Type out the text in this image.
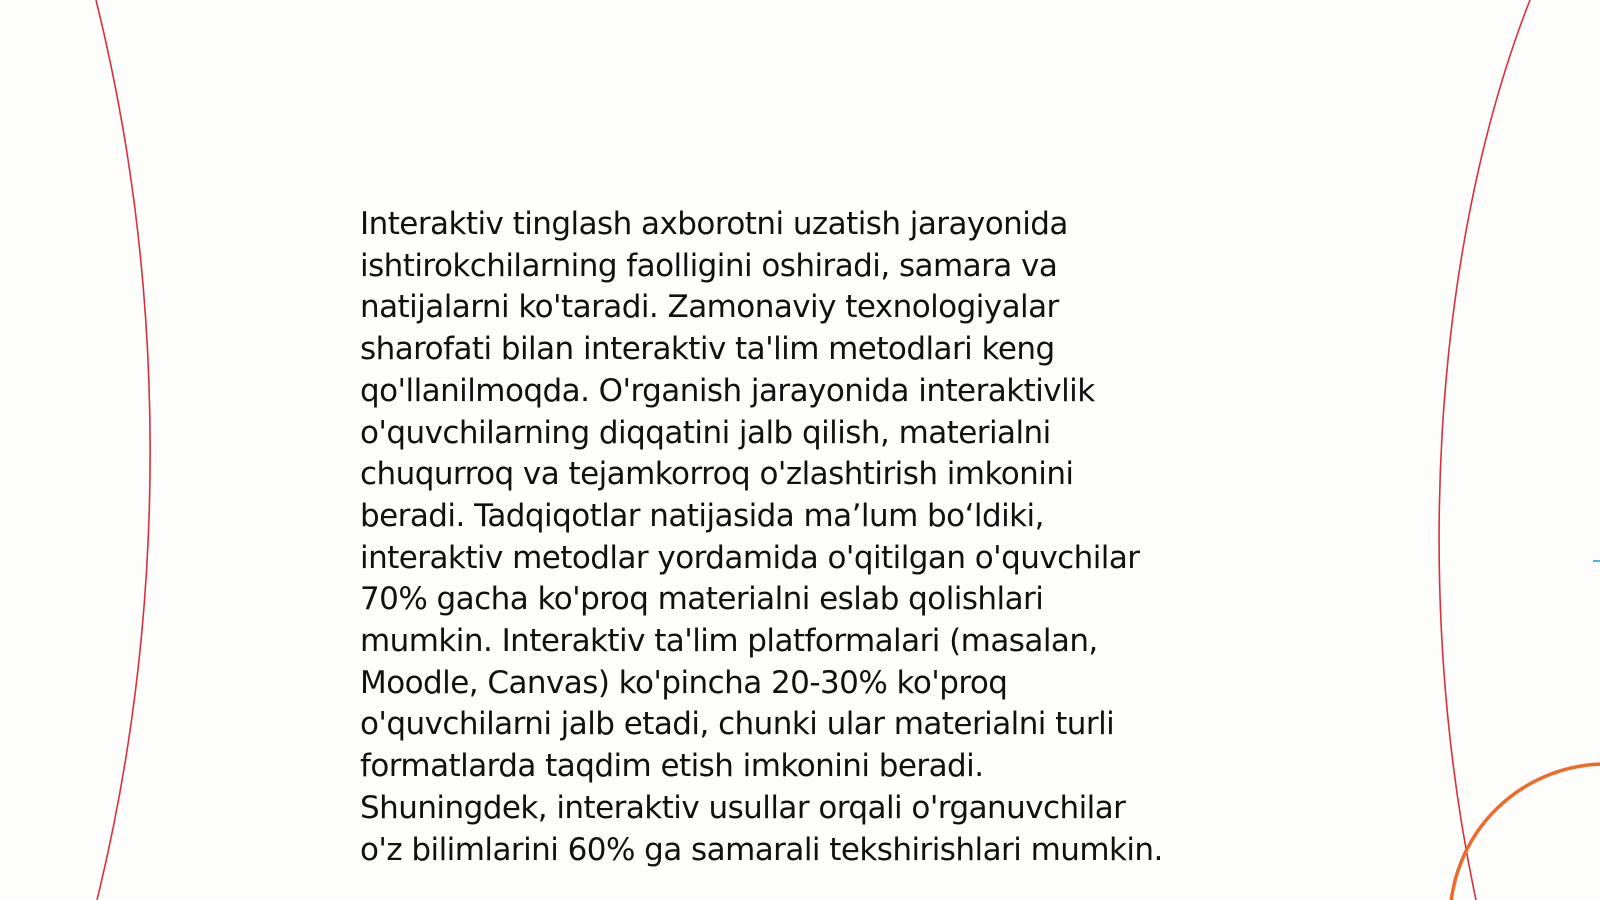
Interaktiv tinglash axborotni uzatish jarayonida
ishtirokchilarning faolligini oshiradi, samara va
natijalarni ko'taradi. Zamonaviy texnologiyalar
sharofati bilan interaktiv ta'lim metodlari keng
qo'llanilmoqda. O'rganish jarayonida interaktivlik
o'quvchilarning diqqatini jalb qilish, materialni
chuqurroq va tejamkorroq o'zlashtirish imkonini
beradi. Tadqiqotlar natijasida ma’lum bo‘ldiki,
interaktiv metodlar yordamida o'qitilgan o'quvchilar
70% gacha ko'proq materialni eslab qolishlari
mumkin. Interaktiv ta'lim platformalari (masalan,
Moodle, Canvas) ko'pincha 20-30% ko'proq
o'quvchilarni jalb etadi, chunki ular materialni turli
formatlarda taqdim etish imkonini beradi.
Shuningdek, interaktiv usullar orqali o'rganuvchilar
o'z bilimlarini 60% ga samarali tekshirishlari mumkin.
